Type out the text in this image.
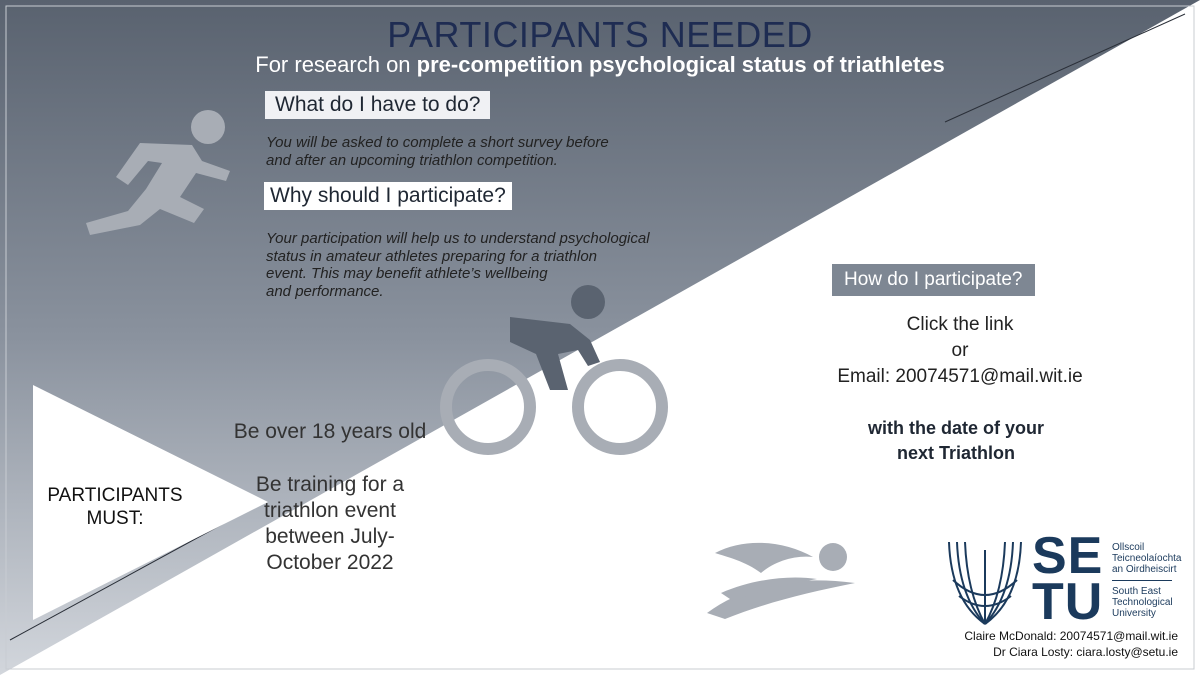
PARTICIPANTS NEEDED
For research on pre-competition psychological status of triathletes
What do I have to do?
You will be asked to complete a short survey before
and after an upcoming triathlon competition.
Why should I participate?
Your participation will help us to understand psychological
status in amateur athletes preparing for a triathlon
event. This may benefit athlete’s wellbeing
and performance.
How do I participate?
Click the link
or
Email: 20074571@mail.wit.ie
with the date of your
next Triathlon
PARTICIPANTS
MUST:
Be over 18 years old
Be training for a
triathlon event
between July-
October 2022	SE
TU
Ollscoil
Teicneolaíochta
an Oirdheiscirt
South East
Technological
University
Claire McDonald: 20074571@mail.wit.ie
Dr Ciara Losty: ciara.losty@setu.ie
